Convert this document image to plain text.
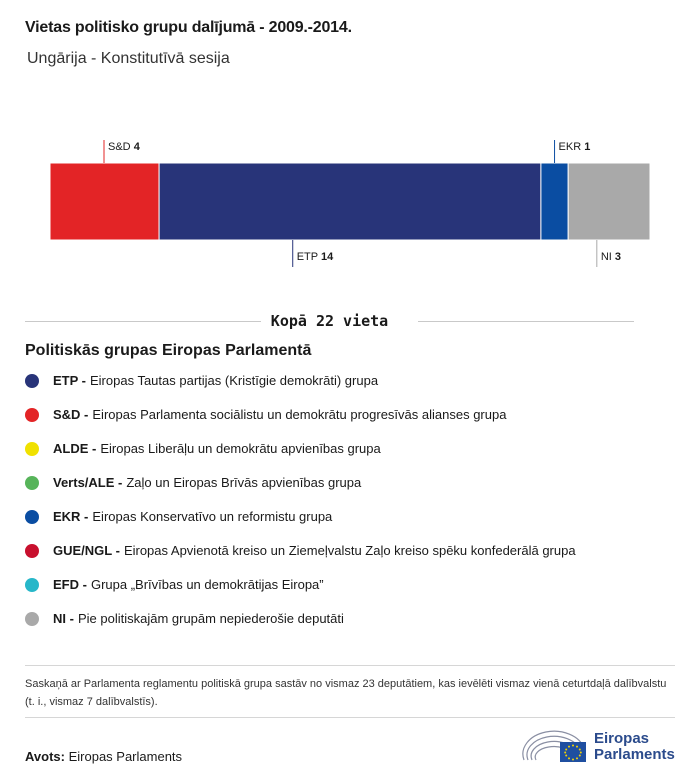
Vietas politisko grupu dalījumā - 2009.-2014.
Ungārija - Konstitutīvā sesija
S&D 4
ETP 14
EKR 1
NI 3
Kopā 22 vieta
Politiskās grupas Eiropas Parlamentā
ETP - Eiropas Tautas partijas (Kristīgie demokrāti) grupa
S&D - Eiropas Parlamenta sociālistu un demokrātu progresīvās alianses grupa
ALDE - Eiropas Liberāļu un demokrātu apvienības grupa
Verts/ALE - Zaļo un Eiropas Brīvās apvienības grupa
EKR - Eiropas Konservatīvo un reformistu grupa
GUE/NGL - Eiropas Apvienotā kreiso un Ziemeļvalstu Zaļo kreiso spēku konfederālā grupa
EFD - Grupa „Brīvības un demokrātijas Eiropa”
NI - Pie politiskajām grupām nepiederošie deputāti
Saskaņā ar Parlamenta reglamentu politiskā grupa sastāv no vismaz 23 deputātiem, kas ievēlēti vismaz vienā ceturtdaļā dalībvalstu (t. i., vismaz 7 dalībvalstīs).
Avots: Eiropas Parlaments
Eiropas
Parlaments
